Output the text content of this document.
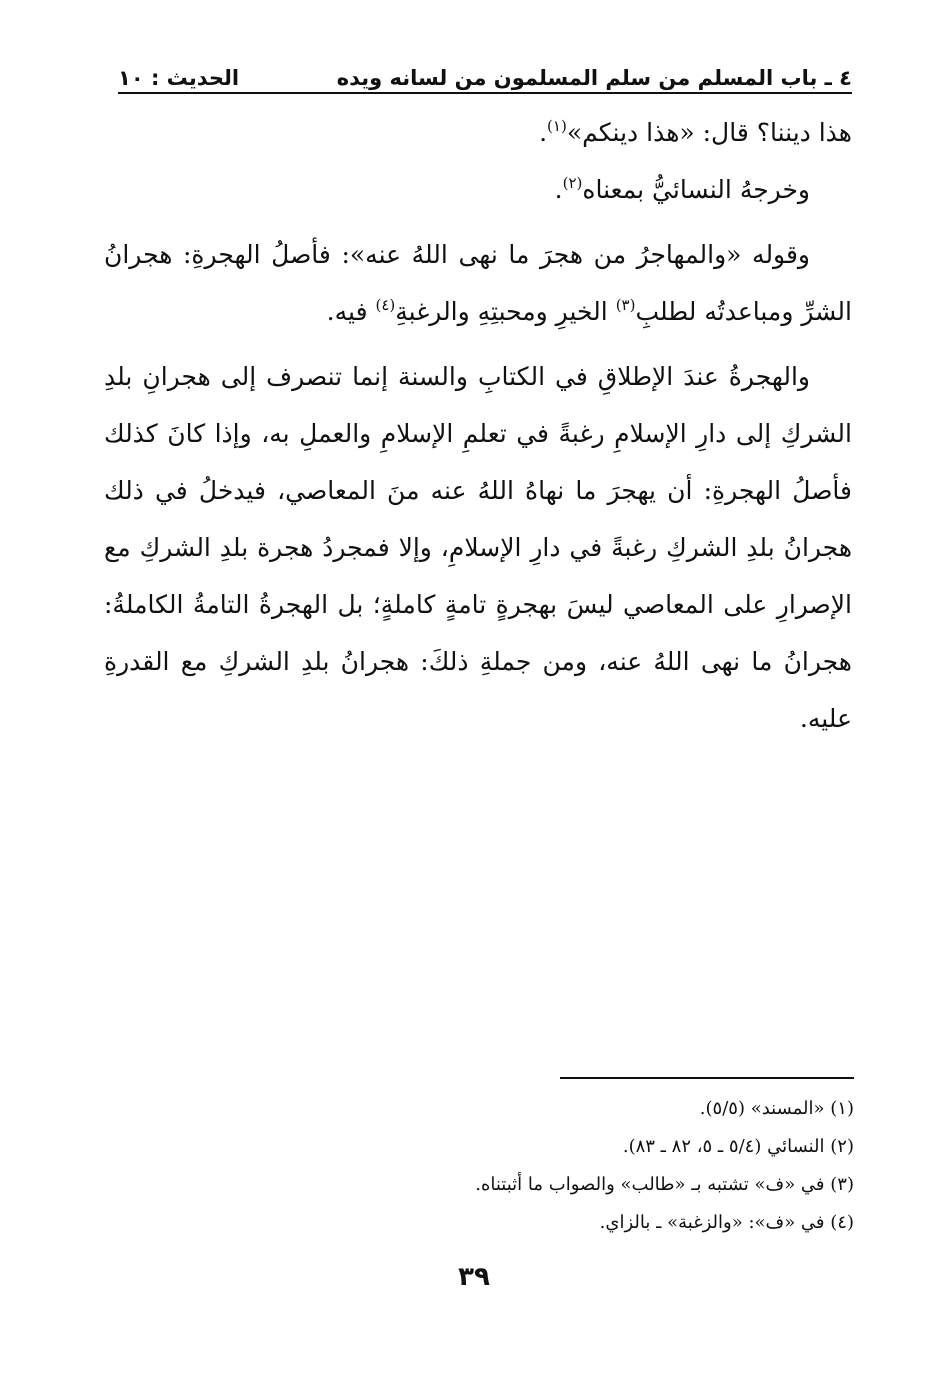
٤ ـ باب المسلم من سلم المسلمون من لسانه ويده
الحديث : ١٠

هذا ديننا؟ قال: «هذا دينكم»$^{(١)}$.

وخرجهُ النسائيُّ بمعناه$^{(٢)}$.

وقوله «والمهاجرُ من هجرَ ما نهى اللهُ عنه»: فأصلُ الهجرةِ: هجرانُ الشرِّ ومباعدتُه لطلبِ$^{(٣)}$ الخيرِ ومحبتِهِ والرغبةِ$^{(٤)}$ فيه.

والهجرةُ عندَ الإطلاقِ في الكتابِ والسنة إنما تنصرف إلى هجرانِ بلدِ الشركِ إلى دارِ الإسلامِ رغبةً في تعلمِ الإسلامِ والعملِ به، وإذا كانَ كذلك فأصلُ الهجرةِ: أن يهجرَ ما نهاهُ اللهُ عنه منَ المعاصي، فيدخلُ في ذلك هجرانُ بلدِ الشركِ رغبةً في دارِ الإسلامِ، وإلا فمجردُ هجرة بلدِ الشركِ مع الإصرارِ على المعاصي ليسَ بهجرةٍ تامةٍ كاملةٍ؛ بل الهجرةُ التامةُ الكاملةُ: هجرانُ ما نهى اللهُ عنه، ومن جملةِ ذلكَ: هجرانُ بلدِ الشركِ مع القدرةِ عليه.

(١) «المسند» (٥/٥).

(٢) النسائي (٥/٤ ـ ٥، ٨٢ ـ ٨٣).

(٣) في «ف» تشتبه بـ «طالب» والصواب ما أثبتناه.

(٤) في «ف»: «والزغبة» ـ بالزاي.

٣٩
